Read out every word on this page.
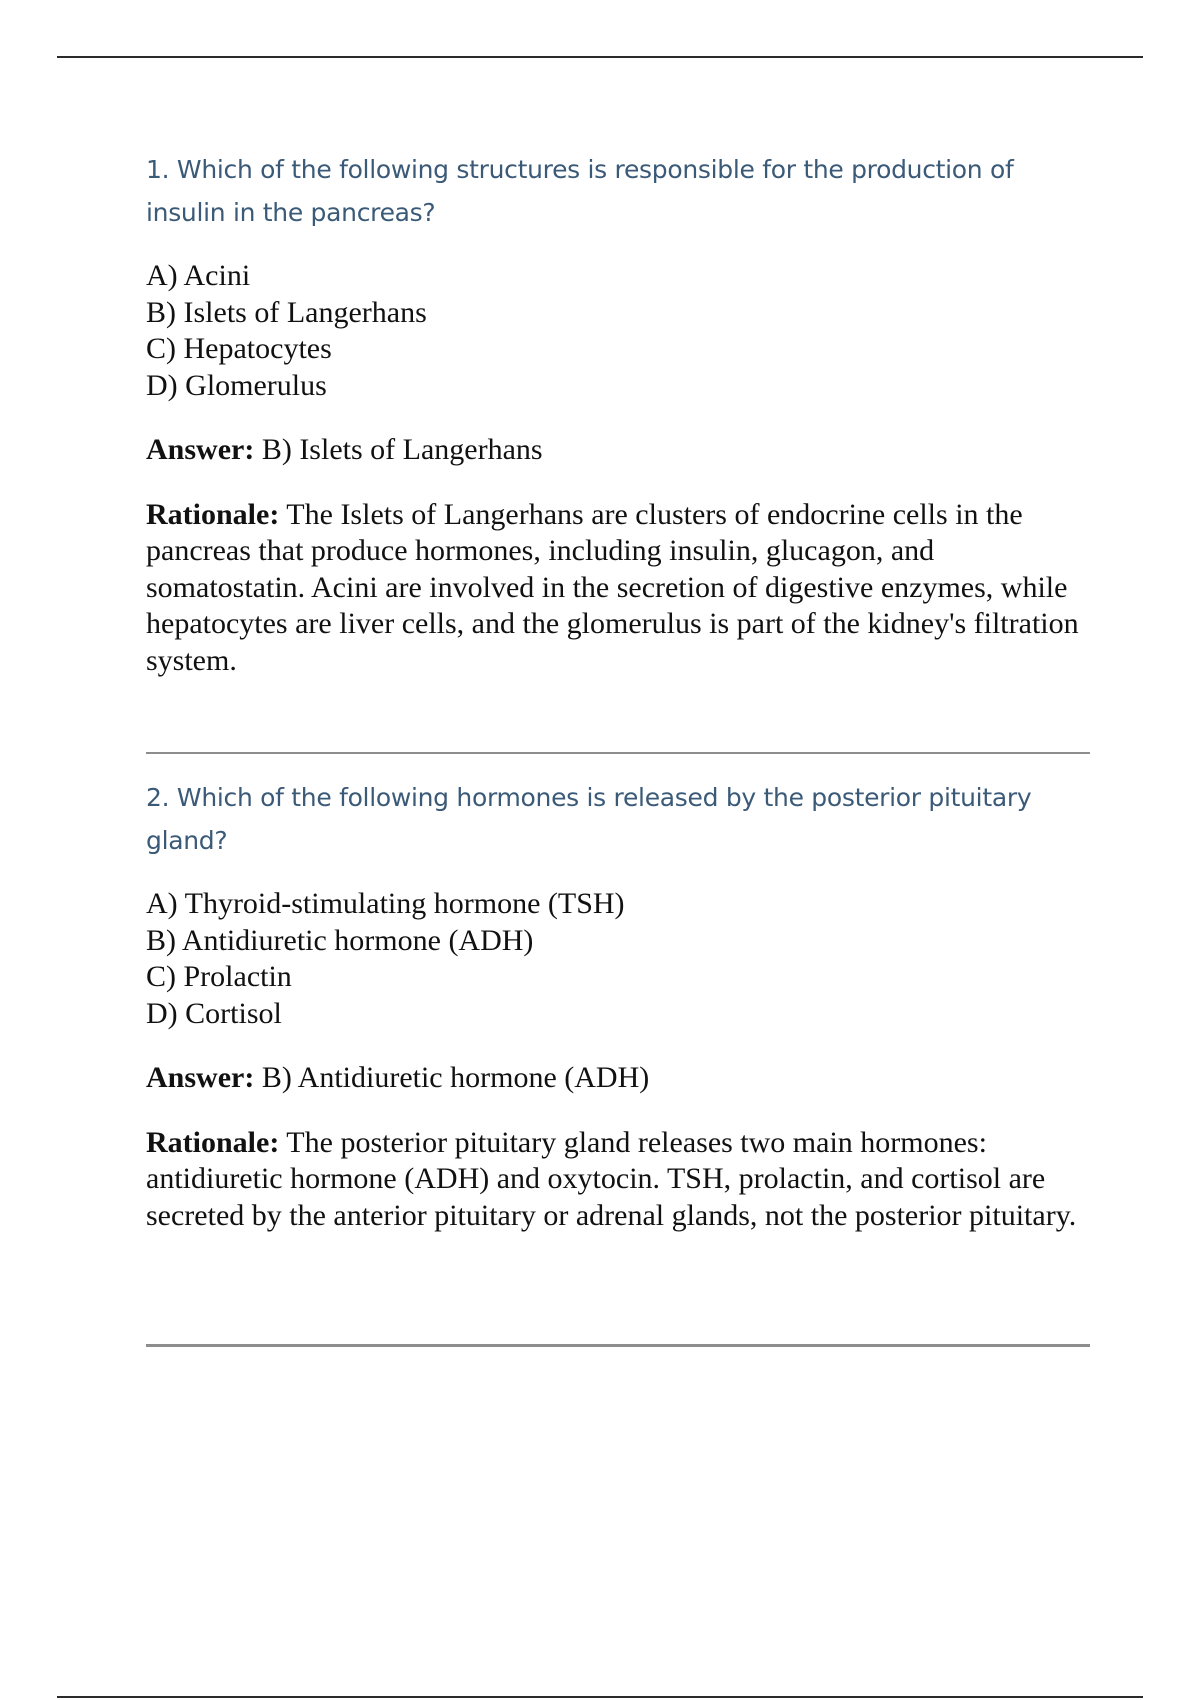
1. Which of the following structures is responsible for the production of insulin in the pancreas?

A) Acini
B) Islets of Langerhans
C) Hepatocytes
D) Glomerulus

Answer: B) Islets of Langerhans

Rationale: The Islets of Langerhans are clusters of endocrine cells in the pancreas that produce hormones, including insulin, glucagon, and somatostatin. Acini are involved in the secretion of digestive enzymes, while hepatocytes are liver cells, and the glomerulus is part of the kidney's filtration system.

2. Which of the following hormones is released by the posterior pituitary gland?

A) Thyroid-stimulating hormone (TSH)
B) Antidiuretic hormone (ADH)
C) Prolactin
D) Cortisol

Answer: B) Antidiuretic hormone (ADH)

Rationale: The posterior pituitary gland releases two main hormones: antidiuretic hormone (ADH) and oxytocin. TSH, prolactin, and cortisol are secreted by the anterior pituitary or adrenal glands, not the posterior pituitary.
